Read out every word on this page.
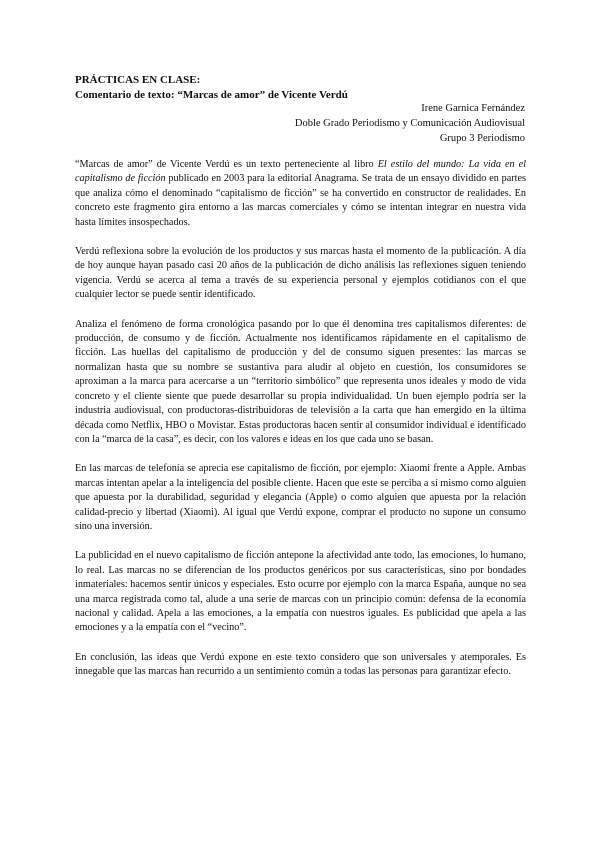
PRÁCTICAS EN CLASE:
Comentario de texto: “Marcas de amor” de Vicente Verdú
Irene Garnica Fernández
Doble Grado Periodismo y Comunicación Audiovisual
Grupo 3 Periodismo

“Marcas de amor” de Vicente Verdú es un texto perteneciente al libro El estilo del mundo: La vida en el capitalismo de ficción publicado en 2003 para la editorial Anagrama. Se trata de un ensayo dividido en partes que analiza cómo el denominado “capitalismo de ficción” se ha convertido en constructor de realidades. En concreto este fragmento gira entorno a las marcas comerciales y cómo se intentan integrar en nuestra vida hasta límites insospechados.

Verdú reflexiona sobre la evolución de los productos y sus marcas hasta el momento de la publicación. A día de hoy aunque hayan pasado casi 20 años de la publicación de dicho análisis las reflexiones siguen teniendo vigencia. Verdú se acerca al tema a través de su experiencia personal y ejemplos cotidianos con el que cualquier lector se puede sentir identificado.

Analiza el fenómeno de forma cronológica pasando por lo que él denomina tres capitalismos diferentes: de producción, de consumo y de ficción. Actualmente nos identificamos rápidamente en el capitalismo de ficción. Las huellas del capitalismo de producción y del de consumo siguen presentes: las marcas se normalizan hasta que su nombre se sustantiva para aludir al objeto en cuestión, los consumidores se aproximan a la marca para acercarse a un “territorio simbólico” que representa unos ideales y modo de vida concreto y el cliente siente que puede desarrollar su propia individualidad. Un buen ejemplo podría ser la industria audiovisual, con productoras-distribuidoras de televisión a la carta que han emergido en la última década como Netflix, HBO o Movistar. Estas productoras hacen sentir al consumidor individual e identificado con la “marca de la casa”, es decir, con los valores e ideas en los que cada uno se basan.

En las marcas de telefonía se aprecia ese capitalismo de ficción, por ejemplo: Xiaomi frente a Apple. Ambas marcas intentan apelar a la inteligencia del posible cliente. Hacen que este se perciba a sí mismo como alguien que apuesta por la durabilidad, seguridad y elegancia (Apple) o como alguien que apuesta por la relación calidad-precio y libertad (Xiaomi). Al igual que Verdú expone, comprar el producto no supone un consumo sino una inversión.

La publicidad en el nuevo capitalismo de ficción antepone la afectividad ante todo, las emociones, lo humano, lo real. Las marcas no se diferencian de los productos genéricos por sus características, sino por bondades inmateriales: hacemos sentir únicos y especiales. Esto ocurre por ejemplo con la marca España, aunque no sea una marca registrada como tal, alude a una serie de marcas con un principio común: defensa de la economía nacional y calidad. Apela a las emociones, a la empatía con nuestros iguales. Es publicidad que apela a las emociones y a la empatía con el “vecino”.

En conclusión, las ideas que Verdú expone en este texto considero que son universales y atemporales. Es innegable que las marcas han recurrido a un sentimiento común a todas las personas para garantizar efecto.
